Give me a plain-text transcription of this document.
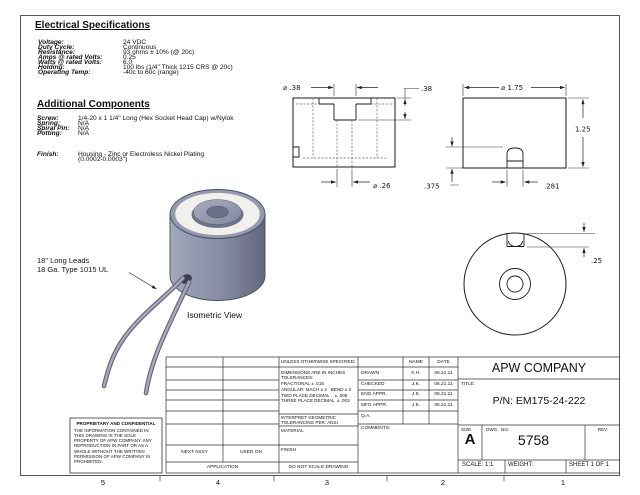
⌀ .38	.38
⌀ .26	.375
⌀ 1.75
1.25
.281
.25
Electrical Specifications
Voltage:	24 VDC
Duty Cycle:	Continuous
Resistance:	93 ohms ± 10% (@ 20c)
Amps @ rated Volts:	0.25
Watts @ rated Volts:	6.0
Holding:	100 lbs (1/4" Thick 1215 CRS @ 20c)
Operating Temp:	-40c to 60c (range)
Additional Components
Screw:	1/4-20 x 1 1/4" Long (Hex Socket Head Cap) w/Nylok
Spring:	N/A
Spiral Pin: N/A
Potting: N/A
Finish:	Housing - Zinc or Electroless Nickel Plating
(0.0002-0.0003")
18" Long Leads
18 Ga. Type 1015 UL
Isometric View
UNLESS OTHERWISE SPECIFIED:
DIMENSIONS ARE IN INCHES
TOLERANCES:
FRACTIONAL ± .015
ANGULAR: MACH ± 2   BEND ± 2
TWO PLACE DECIMAL    ± .005
THREE PLACE DECIMAL  ± .003
INTERPRET GEOMETRIC
TOLERANCING PER: ANSI
MATERIAL
FINISH
DO NOT SCALE DRAWING
NAME	DATE
DRAWN	K.H.	06.21.11
CHECKED	J.K.	06.21.11
ENG APPR.	J.K.	06.21.11
MFG APPR.	J.K.	06.21.11
Q.A.
COMMENTS:
NEXT ASSY	USED ON
APPLICATION
APW COMPANY
TITLE:
P/N: EM175-24-222
SIZE
A
DWG.  NO.
5758
REV
SCALE: 1:1 WEIGHT:	SHEET 1 OF 1
PROPRIETARY AND CONFIDENTIAL
THE INFORMATION CONTAINED IN THIS DRAWING IS THE SOLE PROPERTY OF APW COMPANY. ANY REPRODUCTION IN PART OR AS A WHOLE WITHOUT THE WRITTEN PERMISSION OF APW COMPANY IS PROHIBITED.
5	4	3	2	1
